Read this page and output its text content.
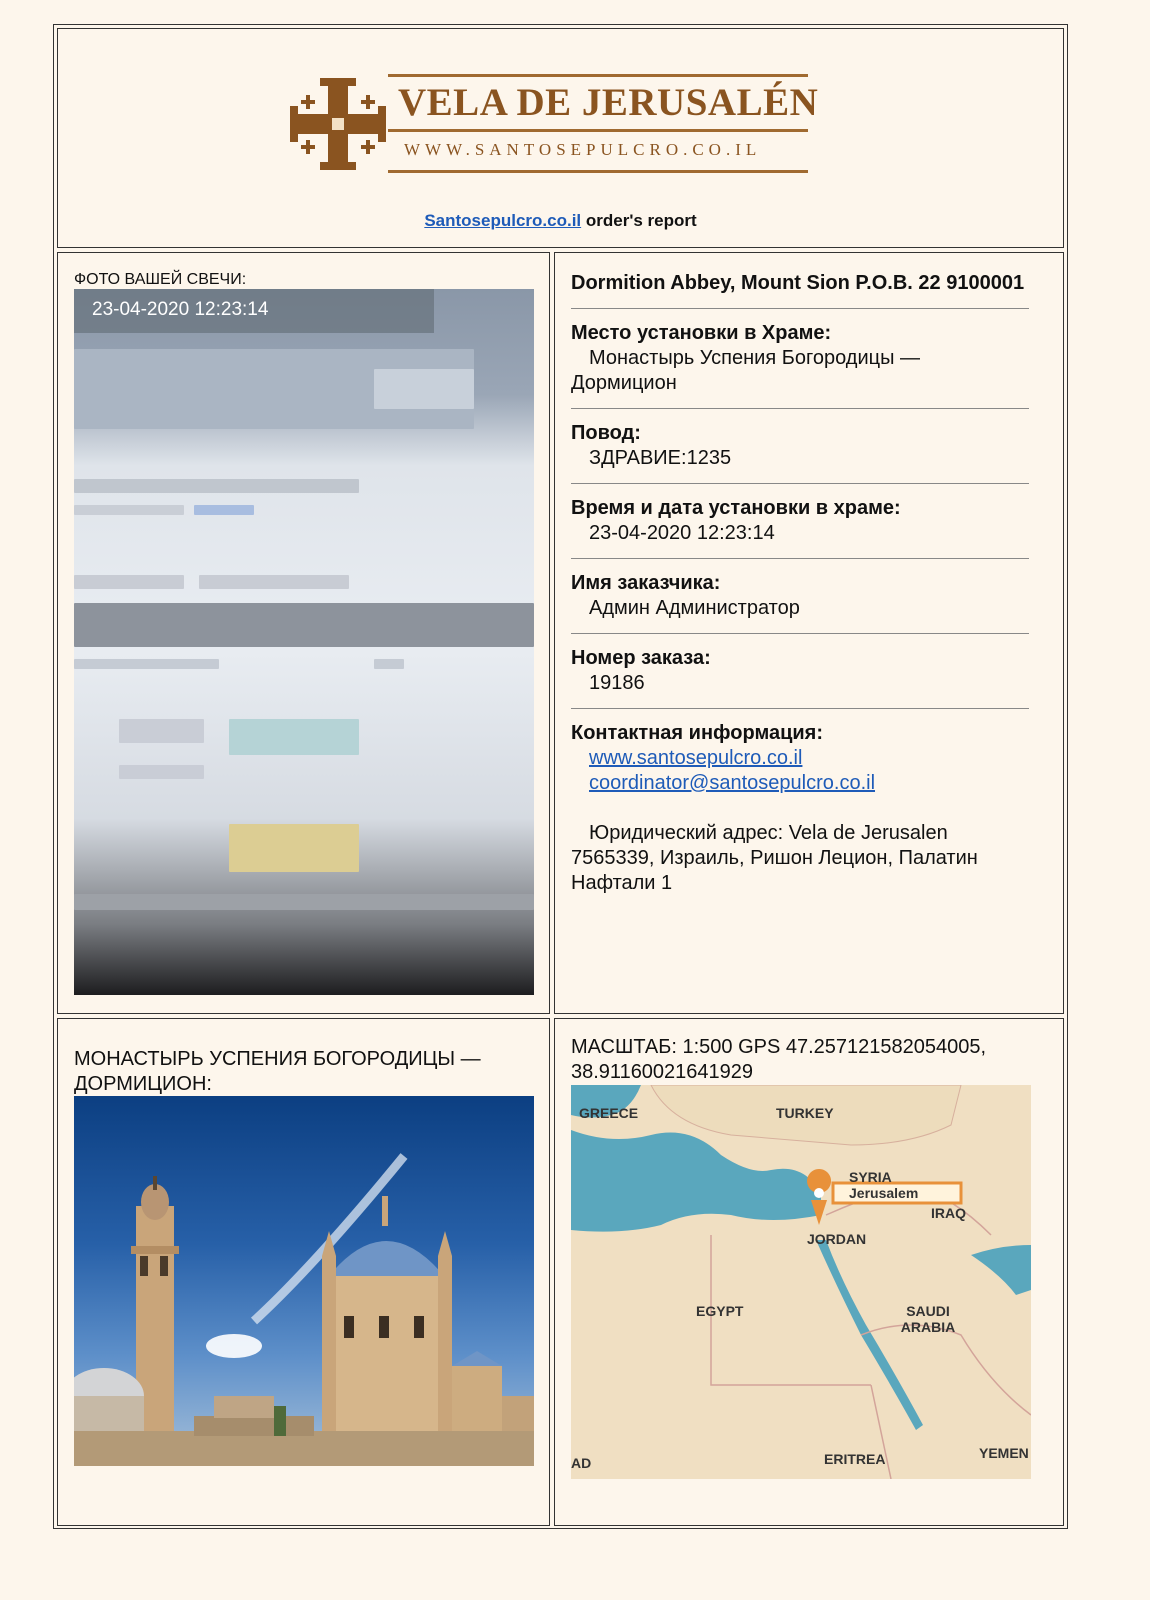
VELA DE JERUSALÉN
WWW.SANTOSEPULCRO.CO.IL
Santosepulcro.co.il order's report
23-04-2020 12:23:14
ФОТО ВАШЕЙ СВЕЧИ:	Dormition Abbey, Mount Sion P.O.B. 22 9100001
Место установки в Храме:
Монастырь Успения Богородицы — Дормицион
Повод:
ЗДРАВИЕ:1235
Время и дата установки в храме:
23-04-2020 12:23:14
Имя заказчика:
Админ Администратор
Номер заказа:
19186
Контактная информация:
www.santosepulcro.co.il
coordinator@santosepulcro.co.il
Юридический адрес: Vela de Jerusalen 7565339, Израиль, Ришон Лецион, Палатин Нафтали 1
МОНАСТЫРЬ УСПЕНИЯ БОГОРОДИЦЫ — ДОРМИЦИОН:
МАСШТАБ: 1:500 GPS 47.257121582054005, 38.91160021641929
GREECE	TURKEY
SYRIA
Jerusalem
IRAQ
JORDAN
EGYPT	SAUDI ARABIA
ERITREA	YEMEN
AD
